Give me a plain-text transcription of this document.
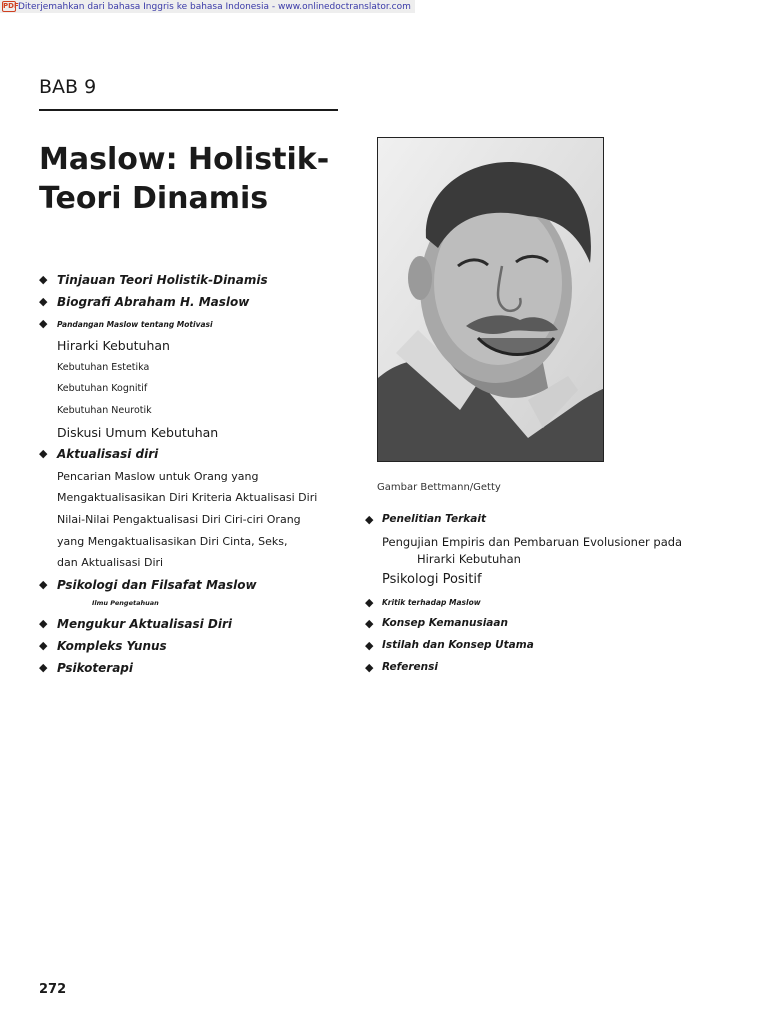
PDF Diterjemahkan dari bahasa Inggris ke bahasa Indonesia - www.onlinedoctranslator.com
BAB 9
Maslow: Holistik-
Teori Dinamis
◆ Tinjauan Teori Holistik-Dinamis
◆ Biografi Abraham H. Maslow
◆ Pandangan Maslow tentang Motivasi
Hirarki Kebutuhan
Kebutuhan Estetika
Kebutuhan Kognitif
Kebutuhan Neurotik
Diskusi Umum Kebutuhan
◆ Aktualisasi diri
Pencarian Maslow untuk Orang yang
Mengaktualisasikan Diri Kriteria Aktualisasi Diri
Nilai-Nilai Pengaktualisasi Diri Ciri-ciri Orang
yang Mengaktualisasikan Diri Cinta, Seks,
dan Aktualisasi Diri
◆ Psikologi dan Filsafat Maslow
Ilmu Pengetahuan
◆ Mengukur Aktualisasi Diri
◆ Kompleks Yunus
◆ Psikoterapi
Gambar Bettmann/Getty
◆ Penelitian Terkait
Pengujian Empiris dan Pembaruan Evolusioner pada
Hirarki Kebutuhan
Psikologi Positif
◆ Kritik terhadap Maslow
◆ Konsep Kemanusiaan
◆ Istilah dan Konsep Utama
◆ Referensi
272
